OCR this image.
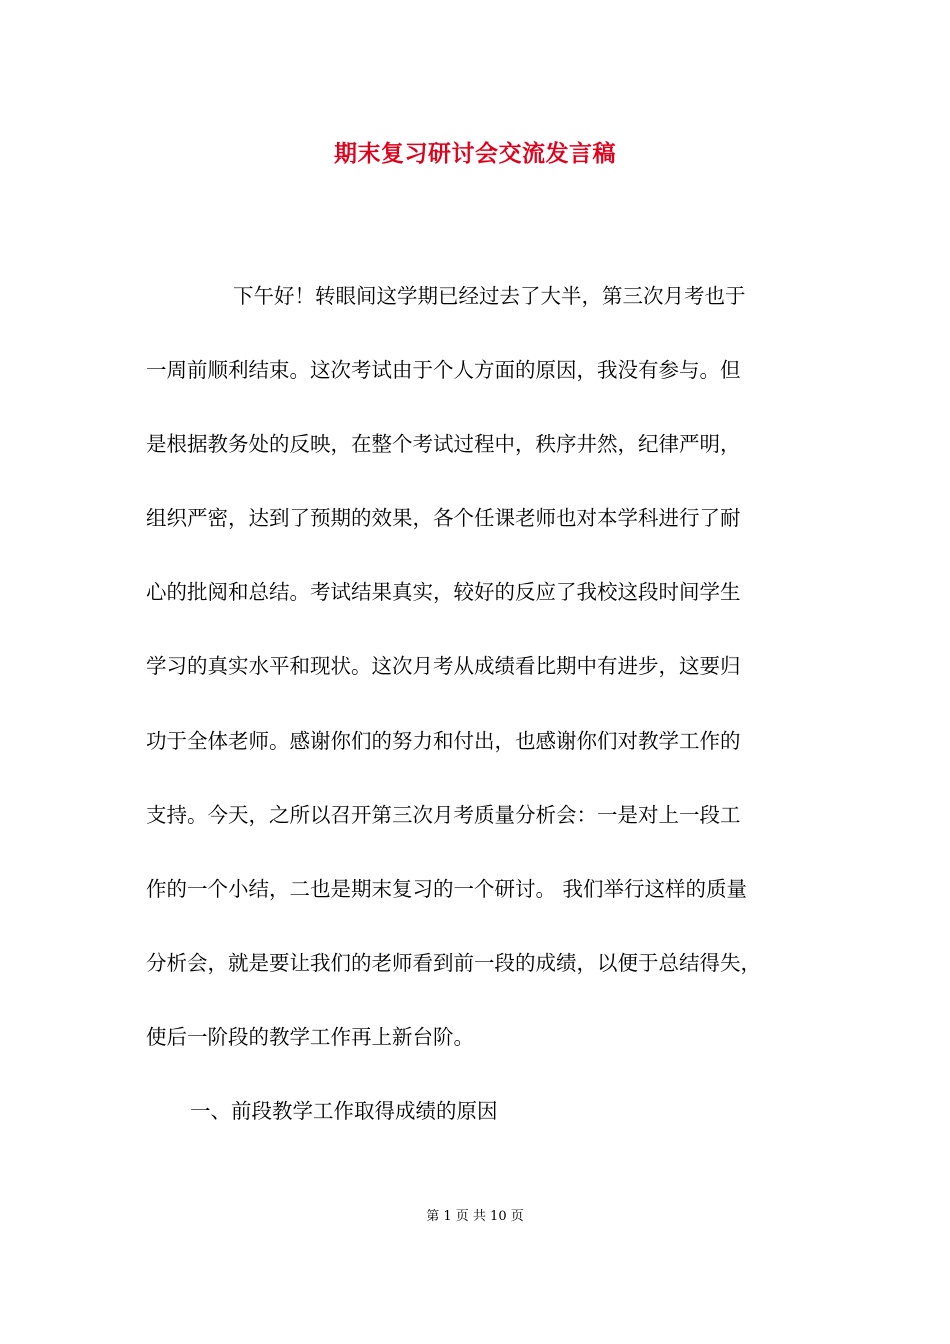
期末复习研讨会交流发言稿
下午好！转眼间这学期已经过去了大半，第三次月考也于
一周前顺利结束。这次考试由于个人方面的原因，我没有参与。但
是根据教务处的反映，在整个考试过程中，秩序井然，纪律严明，
组织严密，达到了预期的效果，各个任课老师也对本学科进行了耐
心的批阅和总结。考试结果真实，较好的反应了我校这段时间学生
学习的真实水平和现状。这次月考从成绩看比期中有进步，这要归
功于全体老师。感谢你们的努力和付出，也感谢你们对教学工作的
支持。今天，之所以召开第三次月考质量分析会：一是对上一段工
作的一个小结，二也是期末复习的一个研讨。 我们举行这样的质量
分析会，就是要让我们的老师看到前一段的成绩，以便于总结得失，
使后一阶段的教学工作再上新台阶。
一、前段教学工作取得成绩的原因
第 1 页 共 10 页
